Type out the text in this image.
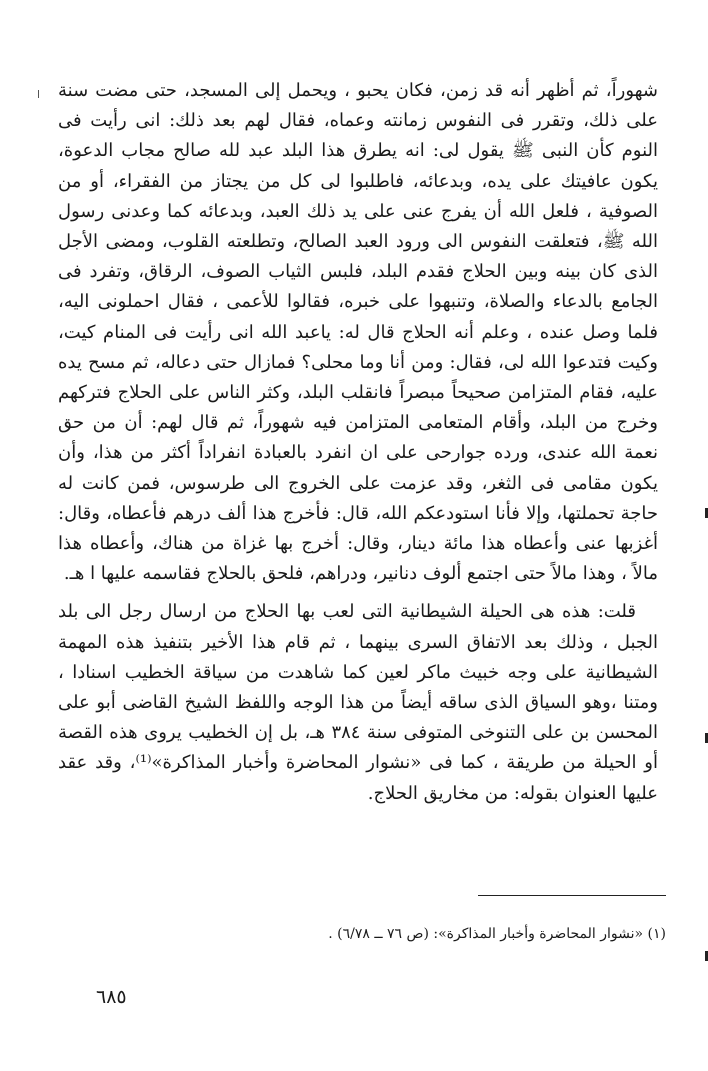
شهوراً، ثم أظهر أنه قد زمن، فكان يحبو ، ويحمل إلى المسجد، حتى مضت سنة على ذلك، وتقرر فى النفوس زمانته وعماه، فقال لهم بعد ذلك: انى رأيت فى النوم كأن النبى ﷺ يقول لى: انه يطرق هذا البلد عبد لله صالح مجاب الدعوة، يكون عافيتك على يده، وبدعائه، فاطلبوا لى كل من يجتاز من الفقراء، أو من الصوفية ، فلعل الله أن يفرج عنى على يد ذلك العبد، وبدعائه كما وعدنى رسول الله ﷺ، فتعلقت النفوس الى ورود العبد الصالح، وتطلعته القلوب، ومضى الأجل الذى كان بينه وبين الحلاج فقدم البلد، فلبس الثياب الصوف، الرقاق، وتفرد فى الجامع بالدعاء والصلاة، وتنبهوا على خبره، فقالوا للأعمى ، فقال احملونى اليه، فلما وصل عنده ، وعلم أنه الحلاج قال له: ياعبد الله انى رأيت فى المنام كيت، وكيت فتدعوا الله لى، فقال: ومن أنا وما محلى؟ فمازال حتى دعاله، ثم مسح يده عليه، فقام المتزامن صحيحاً مبصراً فانقلب البلد، وكثر الناس على الحلاج فتركهم وخرج من البلد، وأقام المتعامى المتزامن فيه شهوراً، ثم قال لهم: أن من حق نعمة الله عندى، ورده جوارحى على ان انفرد بالعبادة انفراداً أكثر من هذا، وأن يكون مقامى فى الثغر، وقد عزمت على الخروج الى طرسوس، فمن كانت له حاجة تحملتها، وإلا فأنا استودعكم الله، قال: فأخرج هذا ألف درهم فأعطاه، وقال: أغزبها عنى وأعطاه هذا مائة دينار، وقال: أخرج بها غزاة من هناك، وأعطاه هذا مالاً ، وهذا مالاً حتى اجتمع ألوف دنانير، ودراهم، فلحق بالحلاج فقاسمه عليها ا هـ.

قلت: هذه هى الحيلة الشيطانية التى لعب بها الحلاج من ارسال رجل الى بلد الجبل ، وذلك بعد الاتفاق السرى بينهما ، ثم قام هذا الأخير بتنفيذ هذه المهمة الشيطانية على وجه خبيث ماكر لعين كما شاهدت من سياقة الخطيب اسنادا ، ومتنا ،وهو السياق الذى ساقه أيضاً من هذا الوجه واللفظ الشيخ القاضى أبو على المحسن بن على التنوخى المتوفى سنة ٣٨٤ هـ، بل إن الخطيب يروى هذه القصة أو الحيلة من طريقة ، كما فى «نشوار المحاضرة وأخبار المذاكرة»⁽¹⁾، وقد عقد عليها العنوان بقوله: من مخاريق الحلاج.

(١) «نشوار المحاضرة وأخبار المذاكرة»: (ص ٧٦ ــ ٦/٧٨) .
٦٨٥
